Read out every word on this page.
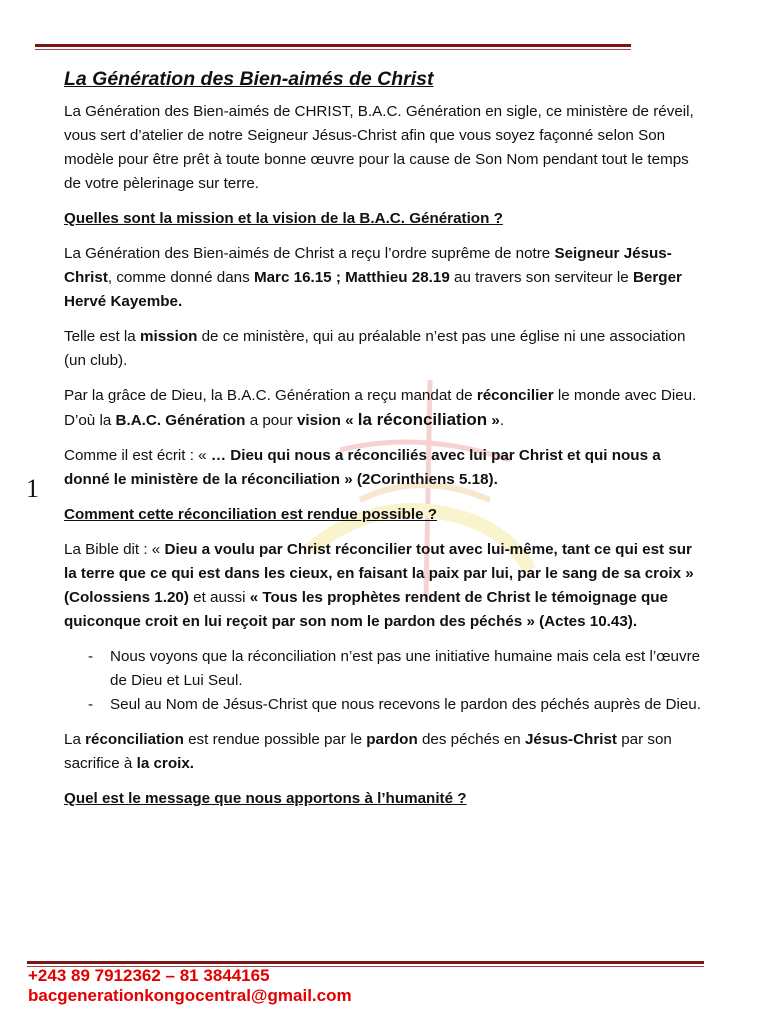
1
La Génération des Bien-aimés de Christ

La Génération des Bien-aimés de CHRIST, B.A.C. Génération en sigle, ce ministère de réveil, vous sert d’atelier de notre Seigneur Jésus-Christ afin que vous soyez façonné selon Son modèle pour être prêt à toute bonne œuvre pour la cause de Son Nom pendant tout le temps de votre pèlerinage sur terre.

Quelles sont la mission et la vision de la B.A.C. Génération ?

La Génération des Bien-aimés de Christ a reçu l’ordre suprême de notre Seigneur Jésus-Christ, comme donné dans Marc 16.15 ; Matthieu 28.19 au travers son serviteur le Berger Hervé Kayembe.

Telle est la mission de ce ministère, qui au préalable n’est pas une église ni une association (un club).

Par la grâce de Dieu, la B.A.C. Génération a reçu mandat de réconcilier le monde avec Dieu. D’où la B.A.C. Génération a pour vision « la réconciliation ».

Comme il est écrit : « … Dieu qui nous a réconciliés avec lui par Christ et qui nous a donné le ministère de la réconciliation » (2Corinthiens 5.18).

Comment cette réconciliation est rendue possible ?

La Bible dit : « Dieu a voulu par Christ réconcilier tout avec lui-même, tant ce qui est sur la terre que ce qui est dans les cieux, en faisant la paix par lui, par le sang de sa croix » (Colossiens 1.20) et aussi « Tous les prophètes rendent de Christ le témoignage que quiconque croit en lui reçoit par son nom le pardon des péchés » (Actes 10.43).

- Nous voyons que la réconciliation n’est pas une initiative humaine mais cela est l’œuvre de Dieu et Lui Seul.
- Seul au Nom de Jésus-Christ que nous recevons le pardon des péchés auprès de Dieu.

La réconciliation est rendue possible par le pardon des péchés en Jésus-Christ par son sacrifice à la croix.

Quel est le message que nous apportons à l’humanité ?
+243 89 7912362 – 81 3844165
bacgenerationkongocentral@gmail.com
